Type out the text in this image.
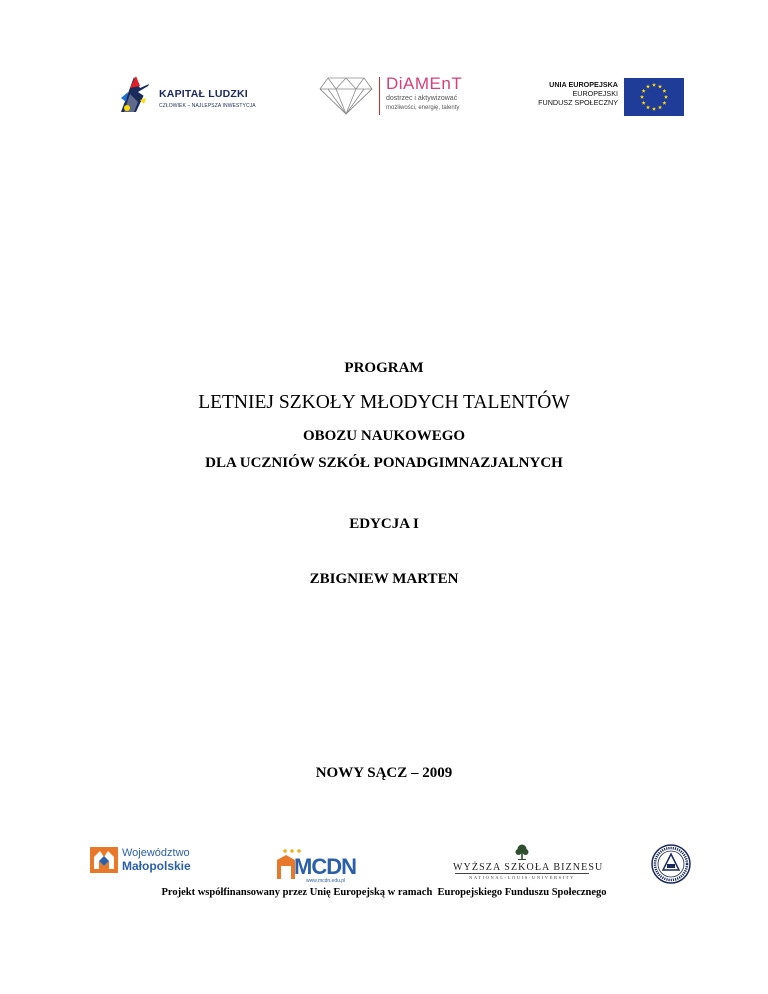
KAPITAŁ LUDZKI
CZŁOWIEK – NAJLEPSZA INWESTYCJA
DiAMEnT
dostrzec i aktywizować
możliwości, energię, talenty
UNIA EUROPEJSKA
EUROPEJSKI
FUNDUSZ SPOŁECZNY
PROGRAM
LETNIEJ SZKOŁY MŁODYCH TALENTÓW
OBOZU NAUKOWEGO
DLA UCZNIÓW SZKÓŁ PONADGIMNAZJALNYCH
EDYCJA I
ZBIGNIEW MARTEN
NOWY SĄCZ – 2009
Województwo
Małopolskie	MCDN
www.mcdn.edu.pl
WYŻSZA SZKOŁA BIZNESU
NATIONAL-LOUIS-UNIVERSITY
Projekt współfinansowany przez Unię Europejską w ramach  Europejskiego Funduszu Społecznego
